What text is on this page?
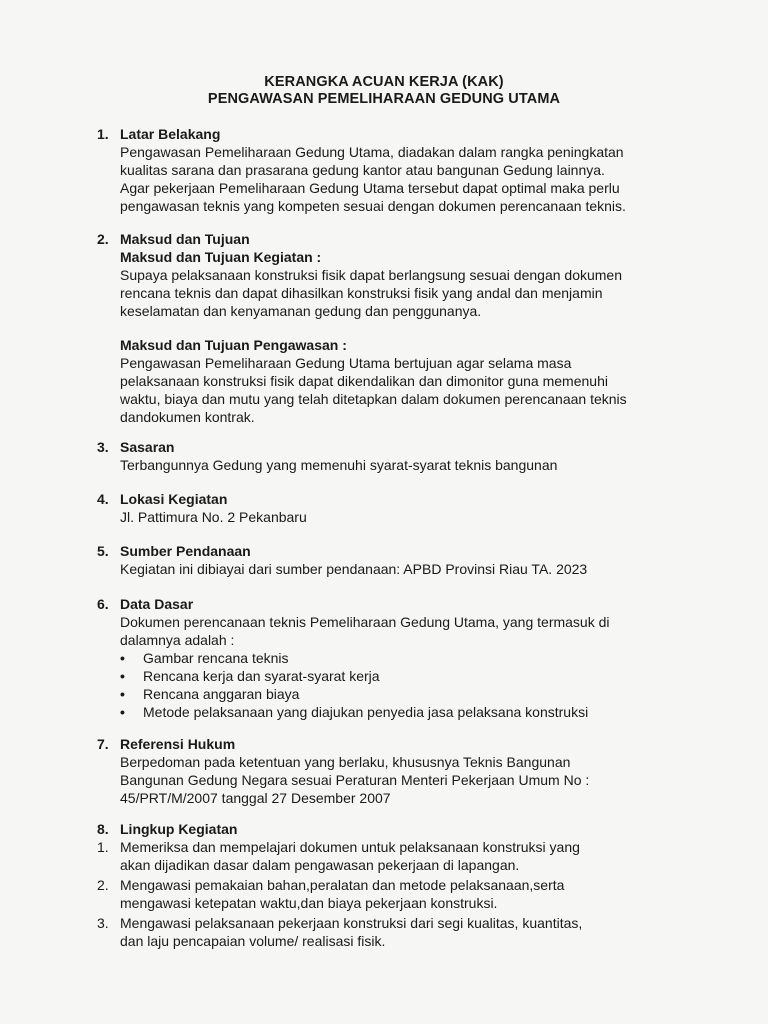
KERANGKA ACUAN KERJA (KAK)
PENGAWASAN PEMELIHARAAN GEDUNG UTAMA
1. Latar Belakang

Pengawasan Pemeliharaan Gedung Utama, diadakan dalam rangka peningkatan

kualitas sarana dan prasarana gedung kantor atau bangunan Gedung lainnya.

Agar pekerjaan Pemeliharaan Gedung Utama tersebut dapat optimal maka perlu

pengawasan teknis yang kompeten sesuai dengan dokumen perencanaan teknis.

2. Maksud dan Tujuan

Maksud dan Tujuan Kegiatan :

Supaya pelaksanaan konstruksi fisik dapat berlangsung sesuai dengan dokumen

rencana teknis dan dapat dihasilkan konstruksi fisik yang andal dan menjamin

keselamatan dan kenyamanan gedung dan penggunanya.

Maksud dan Tujuan Pengawasan :

Pengawasan Pemeliharaan Gedung Utama bertujuan agar selama masa

pelaksanaan konstruksi fisik dapat dikendalikan dan dimonitor guna memenuhi

waktu, biaya dan mutu yang telah ditetapkan dalam dokumen perencanaan teknis

dandokumen kontrak.

3. Sasaran
Terbangunnya Gedung yang memenuhi syarat-syarat teknis bangunan
4. Lokasi Kegiatan
Jl. Pattimura No. 2 Pekanbaru
5. Sumber Pendanaan
Kegiatan ini dibiayai dari sumber pendanaan: APBD Provinsi Riau TA. 2023
6. Data Dasar

Dokumen perencanaan teknis Pemeliharaan Gedung Utama, yang termasuk di

dalamnya adalah :

•	Gambar rencana teknis
•	Rencana kerja dan syarat-syarat kerja
•	Rencana anggaran biaya
•	Metode pelaksanaan yang diajukan penyedia jasa pelaksana konstruksi
7. Referensi Hukum

Berpedoman pada ketentuan yang berlaku, khususnya Teknis Bangunan

Bangunan Gedung Negara sesuai Peraturan Menteri Pekerjaan Umum No :

45/PRT/M/2007 tanggal 27 Desember 2007

8. Lingkup Kegiatan
1. Memeriksa dan mempelajari dokumen untuk pelaksanaan konstruksi yang
akan dijadikan dasar dalam pengawasan pekerjaan di lapangan.
2. Mengawasi pemakaian bahan,peralatan dan metode pelaksanaan,serta
mengawasi ketepatan waktu,dan biaya pekerjaan konstruksi.
3. Mengawasi pelaksanaan pekerjaan konstruksi dari segi kualitas, kuantitas,
dan laju pencapaian volume/ realisasi fisik.
